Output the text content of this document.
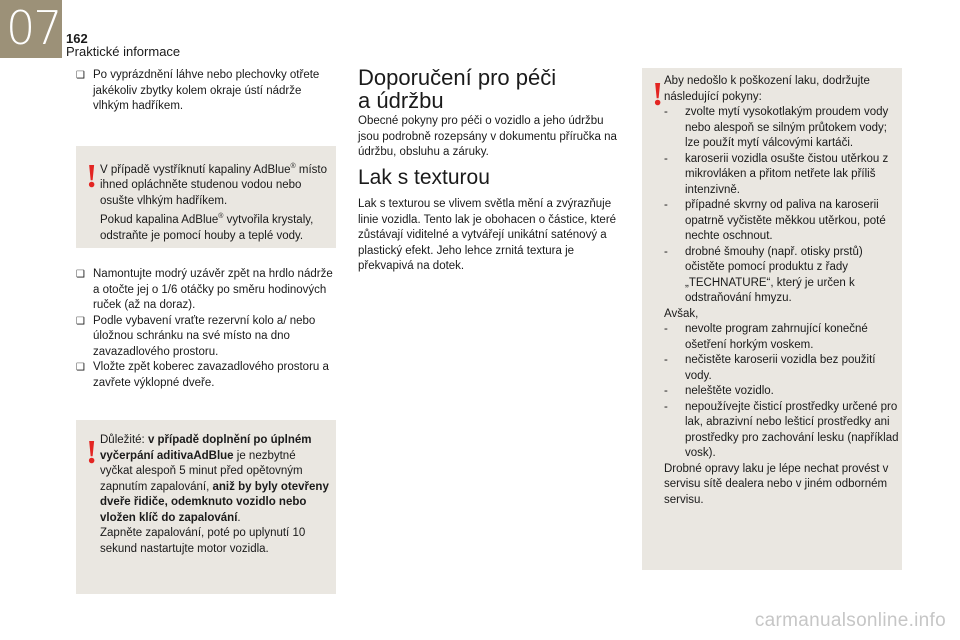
07 162
Praktické informace
❑ Po vyprázdnění láhve nebo plechovky otřete jakékoliv zbytky kolem okraje ústí nádrže vlhkým hadříkem.
! V případě vystříknutí kapaliny AdBlue® místo ihned opláchněte studenou vodou nebo osušte vlhkým hadříkem.
Pokud kapalina AdBlue® vytvořila krystaly, odstraňte je pomocí houby a teplé vody.
❑ Namontujte modrý uzávěr zpět na hrdlo nádrže a otočte jej o 1/6 otáčky po směru hodinových ruček (až na doraz).
❑ Podle vybavení vraťte rezervní kolo a/ nebo úložnou schránku na své místo na dno zavazadlového prostoru.
❑ Vložte zpět koberec zavazadlového prostoru a zavřete výklopné dveře.
! Důležité: v případě doplnění po úplném vyčerpání aditivaAdBlue je nezbytné vyčkat alespoň 5 minut před opětovným zapnutím zapalování, aniž by byly otevřeny dveře řidiče, odemknuto vozidlo nebo vložen klíč do zapalování.
Zapněte zapalování, poté po uplynutí 10 sekund nastartujte motor vozidla.
Doporučení pro péči
a údržbu
Obecné pokyny pro péči o vozidlo a jeho údržbu jsou podrobně rozepsány v dokumentu příručka na údržbu, obsluhu a záruky.
Lak s texturou
Lak s texturou se vlivem světla mění a zvýrazňuje linie vozidla. Tento lak je obohacen o částice, které zůstávají viditelné a vytvářejí unikátní saténový a plastický efekt. Jeho lehce zrnitá textura je překvapivá na dotek.
! Aby nedošlo k poškození laku, dodržujte následující pokyny:
- zvolte mytí vysokotlakým proudem vody nebo alespoň se silným průtokem vody; lze použít mytí válcovými kartáči.
- karoserii vozidla osušte čistou utěrkou z mikrovláken a přitom netřete lak příliš intenzivně.
- případné skvrny od paliva na karoserii opatrně vyčistěte měkkou utěrkou, poté nechte oschnout.
- drobné šmouhy (např. otisky prstů) očistěte pomocí produktu z řady „TECHNATURE“, který je určen k odstraňování hmyzu.
Avšak,
- nevolte program zahrnující konečné ošetření horkým voskem.
- nečistěte karoserii vozidla bez použití vody.
- neleštěte vozidlo.
- nepoužívejte čisticí prostředky určené pro lak, abrazivní nebo lešticí prostředky ani prostředky pro zachování lesku (například vosk).
Drobné opravy laku je lépe nechat provést v servisu sítě dealera nebo v jiném odborném servisu.
carmanualsonline.info
